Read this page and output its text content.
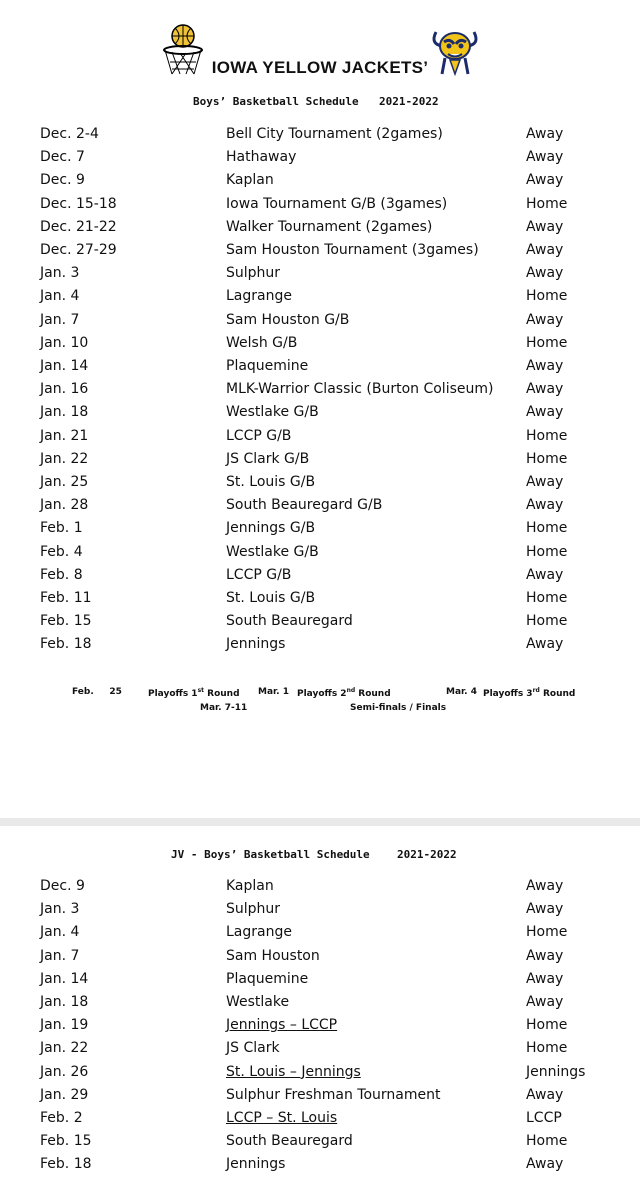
IOWA YELLOW JACKETS’
Boys’ Basketball Schedule 2021-2022
Dec. 2-4	Bell City Tournament (2games)	Away
Dec. 7	Hathaway	Away
Dec. 9	Kaplan	Away
Dec. 15-18	Iowa Tournament G/B (3games)	Home
Dec. 21-22	Walker Tournament (2games)	Away
Dec. 27-29	Sam Houston Tournament (3games)	Away
Jan. 3	Sulphur	Away
Jan. 4	Lagrange	Home
Jan. 7	Sam Houston G/B	Away
Jan. 10	Welsh G/B	Home
Jan. 14	Plaquemine	Away
Jan. 16	MLK-Warrior Classic (Burton Coliseum) Away
Jan. 18	Westlake G/B	Away
Jan. 21	LCCP G/B	Home
Jan. 22	JS Clark G/B	Home
Jan. 25	St. Louis G/B	Away
Jan. 28	South Beauregard G/B	Away
Feb. 1	Jennings G/B	Home
Feb. 4	Westlake G/B	Home
Feb. 8	LCCP G/B	Away
Feb. 11	St. Louis G/B	Home
Feb. 15	South Beauregard	Home
Feb. 18	Jennings	Away
Feb.     25	Playoffs 1st Round Mar. 1 Playoffs 2nd Round	Mar. 4 Playoffs 3rd Round
Mar. 7-11	Semi-finals / Finals
JV - Boys’ Basketball Schedule 2021-2022
Dec. 9	Kaplan	Away
Jan. 3	Sulphur	Away
Jan. 4	Lagrange	Home
Jan. 7	Sam Houston	Away
Jan. 14	Plaquemine	Away
Jan. 18	Westlake	Away
Jan. 19	Jennings – LCCP	Home
Jan. 22	JS Clark	Home
Jan. 26	St. Louis – Jennings	Jennings
Jan. 29	Sulphur Freshman Tournament	Away
Feb. 2	LCCP – St. Louis	LCCP
Feb. 15	South Beauregard	Home
Feb. 18	Jennings	Away
